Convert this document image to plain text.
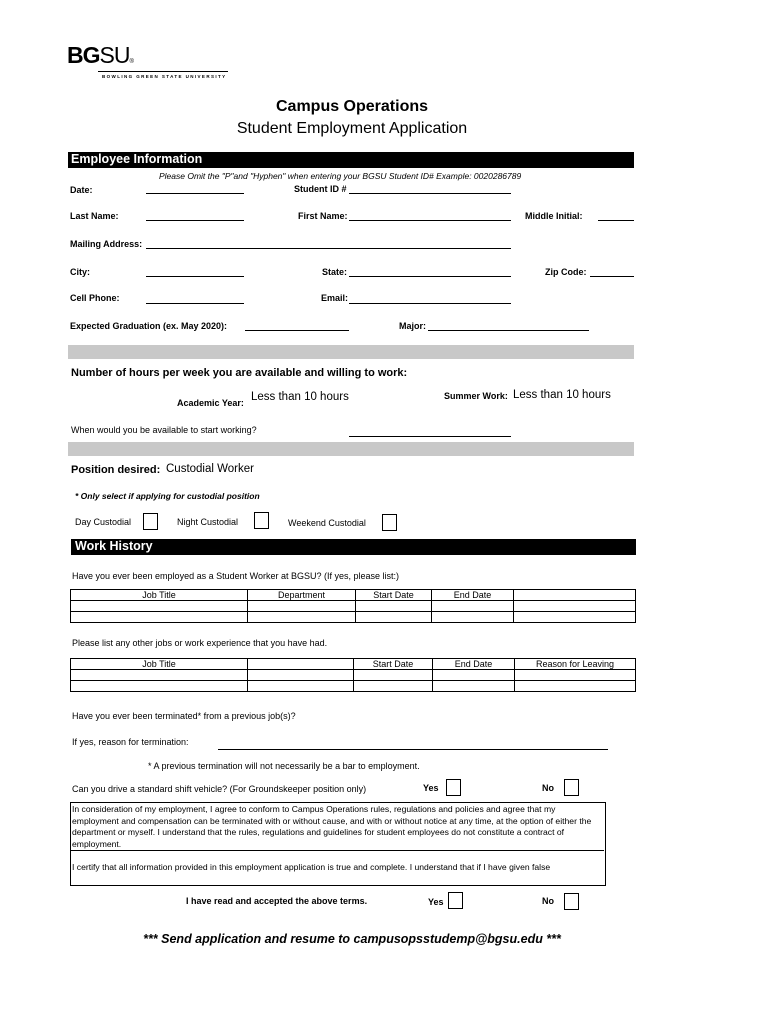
BGSU®
BOWLING GREEN STATE UNIVERSITY
Campus Operations
Student Employment Application
Employee Information
Please Omit the "P"and "Hyphen" when entering your BGSU Student ID# Example: 0020286789
Date:	Student ID #
Last Name:	First Name:	Middle Initial:
Mailing Address:
City:	State:	Zip Code:
Cell Phone:	Email:
Expected Graduation (ex. May 2020):	Major:
Number of hours per week you are available and willing to work:
Academic Year: Less than 10 hours	Summer Work: Less than 10 hours
When would you be available to start working?
Position desired: Custodial Worker
* Only select if applying for custodial position
Day Custodial	Night Custodial	Weekend Custodial
Work History
Have you ever been employed as a Student Worker at BGSU? (If yes, please list:)
Job Title	Department	Start Date	End Date	

Please list any other jobs or work experience that you have had.
Job Title		Start Date	End Date	Reason for Leaving

Have you ever been terminated* from a previous job(s)?
If yes, reason for termination:
* A previous termination will not necessarily be a bar to employment.
Can you drive a standard shift vehicle? (For Groundskeeper position only)	Yes	No
In consideration of my employment, I agree to conform to Campus Operations rules, regulations and policies and agree that my employment and compensation can be terminated with or without cause, and with or without notice at any time, at the option of either the department or myself. I understand that the rules, regulations and guidelines for student employees do not constitute a contract of employment.
I certify that all information provided in this employment application is true and complete. I understand that if I have given false
I have read and accepted the above terms.	Yes	No
*** Send application and resume to campusopsstudemp@bgsu.edu ***
